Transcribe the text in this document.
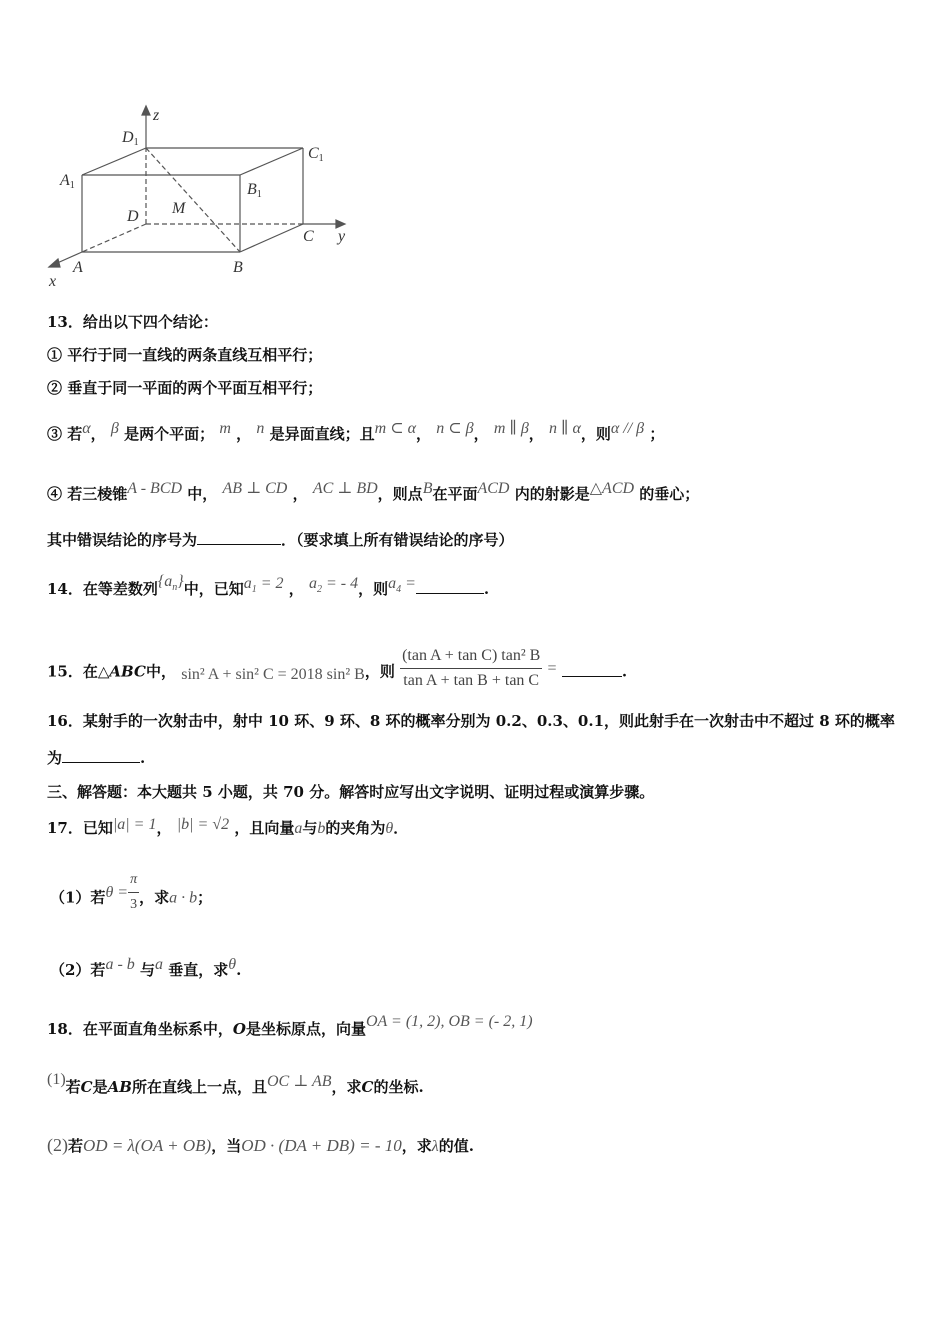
z
y
x
A	B
C
D M
A1	B1
C1
D1
13．给出以下四个结论：
① 平行于同一直线的两条直线互相平行；
② 垂直于同一平面的两个平面互相平行；
③ 若α， β 是两个平面； m ， n 是异面直线；且m ⊂ α， n ⊂ β， m ∥ β， n ∥ α，则α // β ；
④ 若三棱锥A - BCD 中， AB ⊥ CD ， AC ⊥ BD，则点B在平面ACD 内的射影是△ACD 的垂心；
其中错误结论的序号为	．（要求填上所有错误结论的序号）
14．在等差数列$\{a_n\}$中，已知$a_1 = 2$ ， $a_2$ = - 4，则$a_4$ =	.
15．在△ABC中， sin² A + sin² C = 2018 sin² B，则 $\frac{\text{(tan A + tan C) tan² B}}{\text{tan A + tan B + tan C}}$ =	.
16．某射手的一次射击中，射中 10 环、9 环、8 环的概率分别为 0.2、0.3、0.1，则此射手在一次射击中不超过 8 环的概率
为	.
三、解答题：本大题共 5 小题，共 70 分。解答时应写出文字说明、证明过程或演算步骤。
17．已知|a| = 1， |b| = √2 ，且向量a与b的夹角为θ．
（1）若$\theta = \frac{\pi}{3}$ ，求a · b；
（2）若a - b 与a 垂直，求θ.
18．在平面直角坐标系中，O是坐标原点，向量OA = (1, 2), OB = (- 2, 1)
(1)若C是AB所在直线上一点，且OC ⊥ AB，求C的坐标.
(2)若OD = λ(OA + OB)，当OD · (DA + DB) = - 10，求λ的值.
